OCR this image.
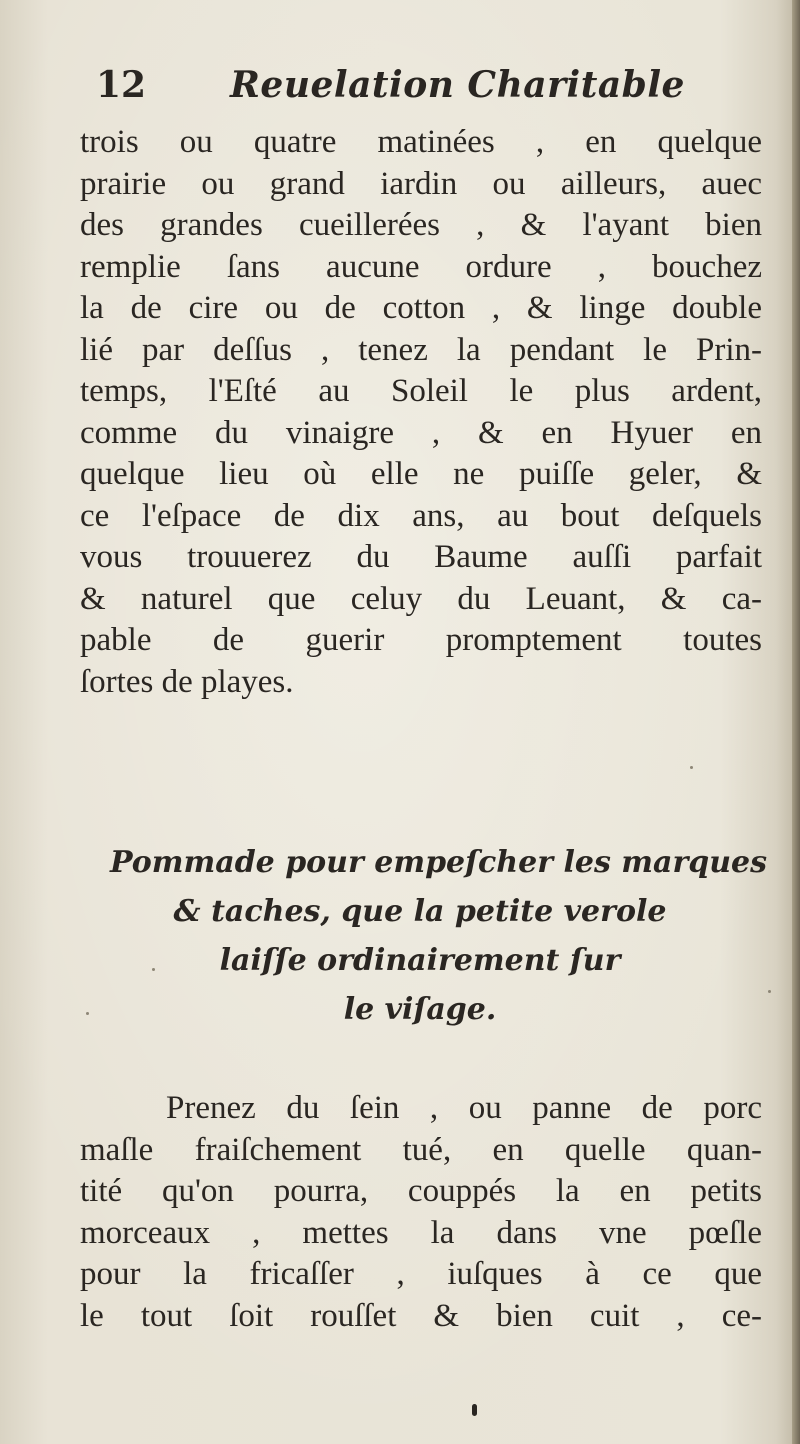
12 Reuelation Charitable
trois ou quatre matinées , en quelque
prairie ou grand iardin ou ailleurs, auec
des grandes cueillerées , & l'ayant bien
remplie ſans aucune ordure , bouchez
la de cire ou de cotton , & linge double
lié par deſſus , tenez la pendant le Prin-
temps, l'Eſté au Soleil le plus ardent,
comme du vinaigre , & en Hyuer en
quelque lieu où elle ne puiſſe geler, &
ce l'eſpace de dix ans, au bout deſquels
vous trouuerez du Baume auſſi parfait
& naturel que celuy du Leuant, & ca-
pable de guerir promptement toutes
ſortes de playes.
Pommade pour empeſcher les marques
& taches, que la petite verole
laiſſe ordinairement ſur
le viſage.
Prenez du ſein , ou panne de porc
maſle fraiſchement tué, en quelle quan-
tité qu'on pourra, couppés la en petits
morceaux , mettes la dans vne pœſle
pour la fricaſſer , iuſques à ce que
le tout ſoit rouſſet & bien cuit , ce-
